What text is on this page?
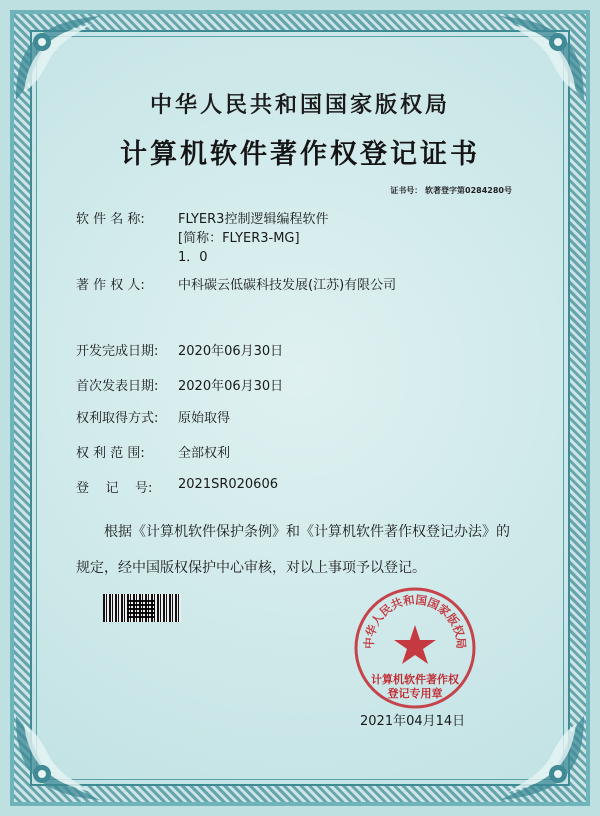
中华人民共和国国家版权局
计算机软件著作权登记证书
证书号： 软著登字第0284280号
软 件 名 称:	FLYER3控制逻辑编程软件
[简称：FLYER3-MG]
1．0
著 作 权 人:	中科碳云低碳科技发展(江苏)有限公司
开发完成日期: 2020年06月30日
首次发表日期: 2020年06月30日
权利取得方式: 原始取得
权 利 范 围:	全部权利
登    记    号: 2021SR020606
根据《计算机软件保护条例》和《计算机软件著作权登记办法》的
规定，经中国版权保护中心审核，对以上事项予以登记。
中华人民共和国国家版权局
计算机软件著作权
登记专用章
2021年04月14日
